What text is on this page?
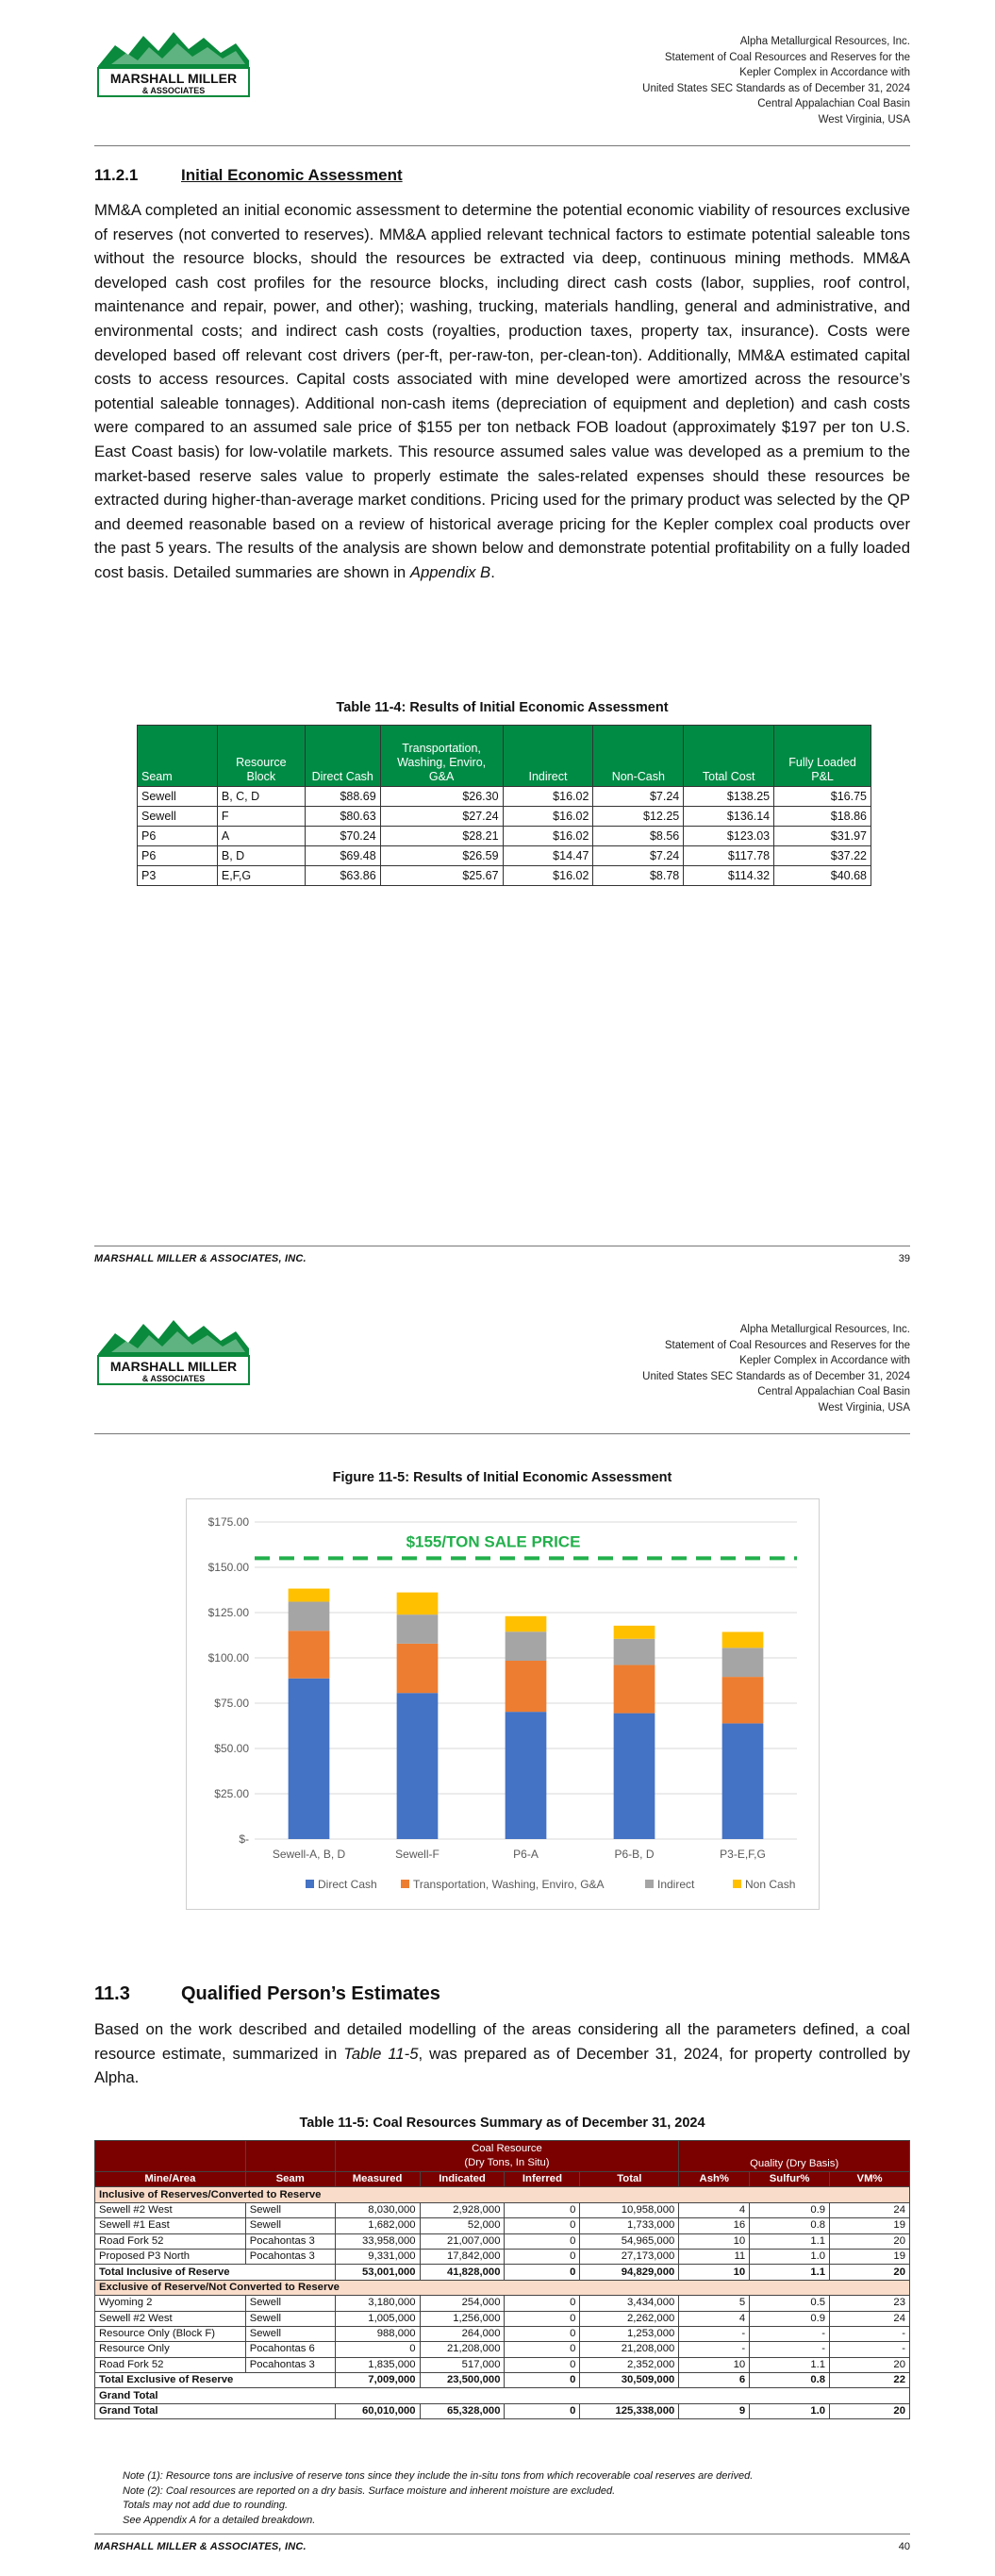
MARSHALL MILLER
& ASSOCIATES
Alpha Metallurgical Resources, Inc.
Statement of Coal Resources and Reserves for the
Kepler Complex in Accordance with
United States SEC Standards as of December 31, 2024
Central Appalachian Coal Basin
West Virginia, USA
11.2.1	Initial Economic Assessment
MM&A completed an initial economic assessment to determine the potential economic viability of resources exclusive of reserves (not converted to reserves). MM&A applied relevant technical factors to estimate potential saleable tons without the resource blocks, should the resources be extracted via deep, continuous mining methods. MM&A developed cash cost profiles for the resource blocks, including direct cash costs (labor, supplies, roof control, maintenance and repair, power, and other); washing, trucking, materials handling, general and administrative, and environmental costs; and indirect cash costs (royalties, production taxes, property tax, insurance). Costs were developed based off relevant cost drivers (per-ft, per-raw-ton, per-clean-ton). Additionally, MM&A estimated capital costs to access resources. Capital costs associated with mine developed were amortized across the resource’s potential saleable tonnages). Additional non-cash items (depreciation of equipment and depletion) and cash costs were compared to an assumed sale price of $155 per ton netback FOB loadout (approximately $197 per ton U.S. East Coast basis) for low-volatile markets. This resource assumed sales value was developed as a premium to the market-based reserve sales value to properly estimate the sales-related expenses should these resources be extracted during higher-than-average market conditions. Pricing used for the primary product was selected by the QP and deemed reasonable based on a review of historical average pricing for the Kepler complex coal products over the past 5 years. The results of the analysis are shown below and demonstrate potential profitability on a fully loaded cost basis. Detailed summaries are shown in Appendix B.
Table 11-4: Results of Initial Economic Assessment
Seam	Resource Block	Direct Cash	Transportation, Washing, Enviro, G&A	Indirect	Non-Cash	Total Cost	Fully Loaded P&L
Sewell	B, C, D	$88.69	$26.30	$16.02	$7.24	$138.25	$16.75
Sewell	F	$80.63	$27.24	$16.02	$12.25	$136.14	$18.86
P6	A	$70.24	$28.21	$16.02	$8.56	$123.03	$31.97
P6	B, D	$69.48	$26.59	$14.47	$7.24	$117.78	$37.22
P3	E,F,G	$63.86	$25.67	$16.02	$8.78	$114.32	$40.68
MARSHALL MILLER & ASSOCIATES, INC.	39
MARSHALL MILLER
& ASSOCIATES
Alpha Metallurgical Resources, Inc.
Statement of Coal Resources and Reserves for the
Kepler Complex in Accordance with
United States SEC Standards as of December 31, 2024
Central Appalachian Coal Basin
West Virginia, USA
MARSHALL MILLER & ASSOCIATES, INC.	40
Figure 11-5: Results of Initial Economic Assessment
$-
$25.00
$50.00
$75.00
$100.00
$125.00
$150.00
$175.00
Sewell-A, B, D	Sewell-F	P6-A	P6-B, D	P3-E,F,G
$155/TON SALE PRICE
Direct Cash	Transportation, Washing, Enviro, G&A	Indirect	Non Cash
11.3	Qualified Person’s Estimates
Based on the work described and detailed modelling of the areas considering all the parameters defined, a coal resource estimate, summarized in Table 11-5, was prepared as of December 31, 2024, for property controlled by Alpha.
Table 11-5: Coal Resources Summary as of December 31, 2024

		Coal Resource
(Dry Tons, In Situ)				Quality (Dry Basis)		
Mine/Area	Seam	Measured	Indicated	Inferred	Total	Ash%	Sulfur%	VM%
Inclusive of Reserves/Converted to Reserve								
Sewell #2 West	Sewell	8,030,000	2,928,000	0	10,958,000	4	0.9	24
Sewell #1 East	Sewell	1,682,000	52,000	0	1,733,000	16	0.8	19
Road Fork 52	Pocahontas 3	33,958,000	21,007,000	0	54,965,000	10	1.1	20
Proposed P3 North	Pocahontas 3	9,331,000	17,842,000	0	27,173,000	11	1.0	19
Total Inclusive of Reserve		53,001,000	41,828,000	0	94,829,000	10	1.1	20
Exclusive of Reserve/Not Converted to Reserve								
Wyoming 2	Sewell	3,180,000	254,000	0	3,434,000	5	0.5	23
Sewell #2 West	Sewell	1,005,000	1,256,000	0	2,262,000	4	0.9	24
Resource Only (Block F)	Sewell	988,000	264,000	0	1,253,000	-	-	-
Resource Only	Pocahontas 6	0	21,208,000	0	21,208,000	-	-	-
Road Fork 52	Pocahontas 3	1,835,000	517,000	0	2,352,000	10	1.1	20
Total Exclusive of Reserve		7,009,000	23,500,000	0	30,509,000	6	0.8	22
Grand Total								
Grand Total		60,010,000	65,328,000	0	125,338,000	9	1.0	20
Note (1): Resource tons are inclusive of reserve tons since they include the in-situ tons from which recoverable coal reserves are derived.
Note (2): Coal resources are reported on a dry basis. Surface moisture and inherent moisture are excluded.
Totals may not add due to rounding.
See Appendix A for a detailed breakdown.
